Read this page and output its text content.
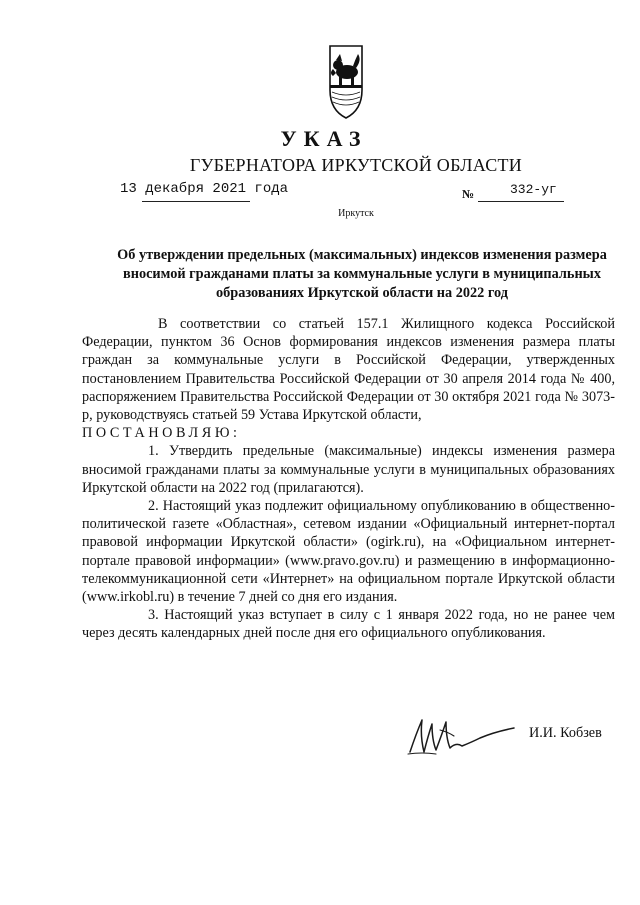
УКАЗ
ГУБЕРНАТОРА ИРКУТСКОЙ ОБЛАСТИ
13 декабря 2021 года	№	332-уг
Иркутск
Об утверждении предельных (максимальных) индексов изменения размера вносимой гражданами платы за коммунальные услуги в муниципальных образованиях Иркутской области на 2022 год

В соответствии со статьей 157.1 Жилищного кодекса Российской Федерации, пунктом 36 Основ формирования индексов изменения размера платы граждан за коммунальные услуги в Российской Федерации, утвержденных постановлением Правительства Российской Федерации от 30 апреля 2014 года № 400, распоряжением Правительства Российской Федерации от 30 октября 2021 года № 3073-р, руководствуясь статьей 59 Устава Иркутской области,

ПОСТАНОВЛЯЮ:

1. Утвердить предельные (максимальные) индексы изменения размера вносимой гражданами платы за коммунальные услуги в муниципальных образованиях Иркутской области на 2022 год (прилагаются).

2. Настоящий указ подлежит официальному опубликованию в общественно-политической газете «Областная», сетевом издании «Официальный интернет-портал правовой информации Иркутской области» (ogirk.ru), на «Официальном интернет-портале правовой информации» (www.pravo.gov.ru) и размещению в информационно-телекоммуникационной сети «Интернет» на официальном портале Иркутской области (www.irkobl.ru) в течение 7 дней со дня его издания.

3. Настоящий указ вступает в силу с 1 января 2022 года, но не ранее чем через десять календарных дней после дня его официального опубликования.

И.И. Кобзев
